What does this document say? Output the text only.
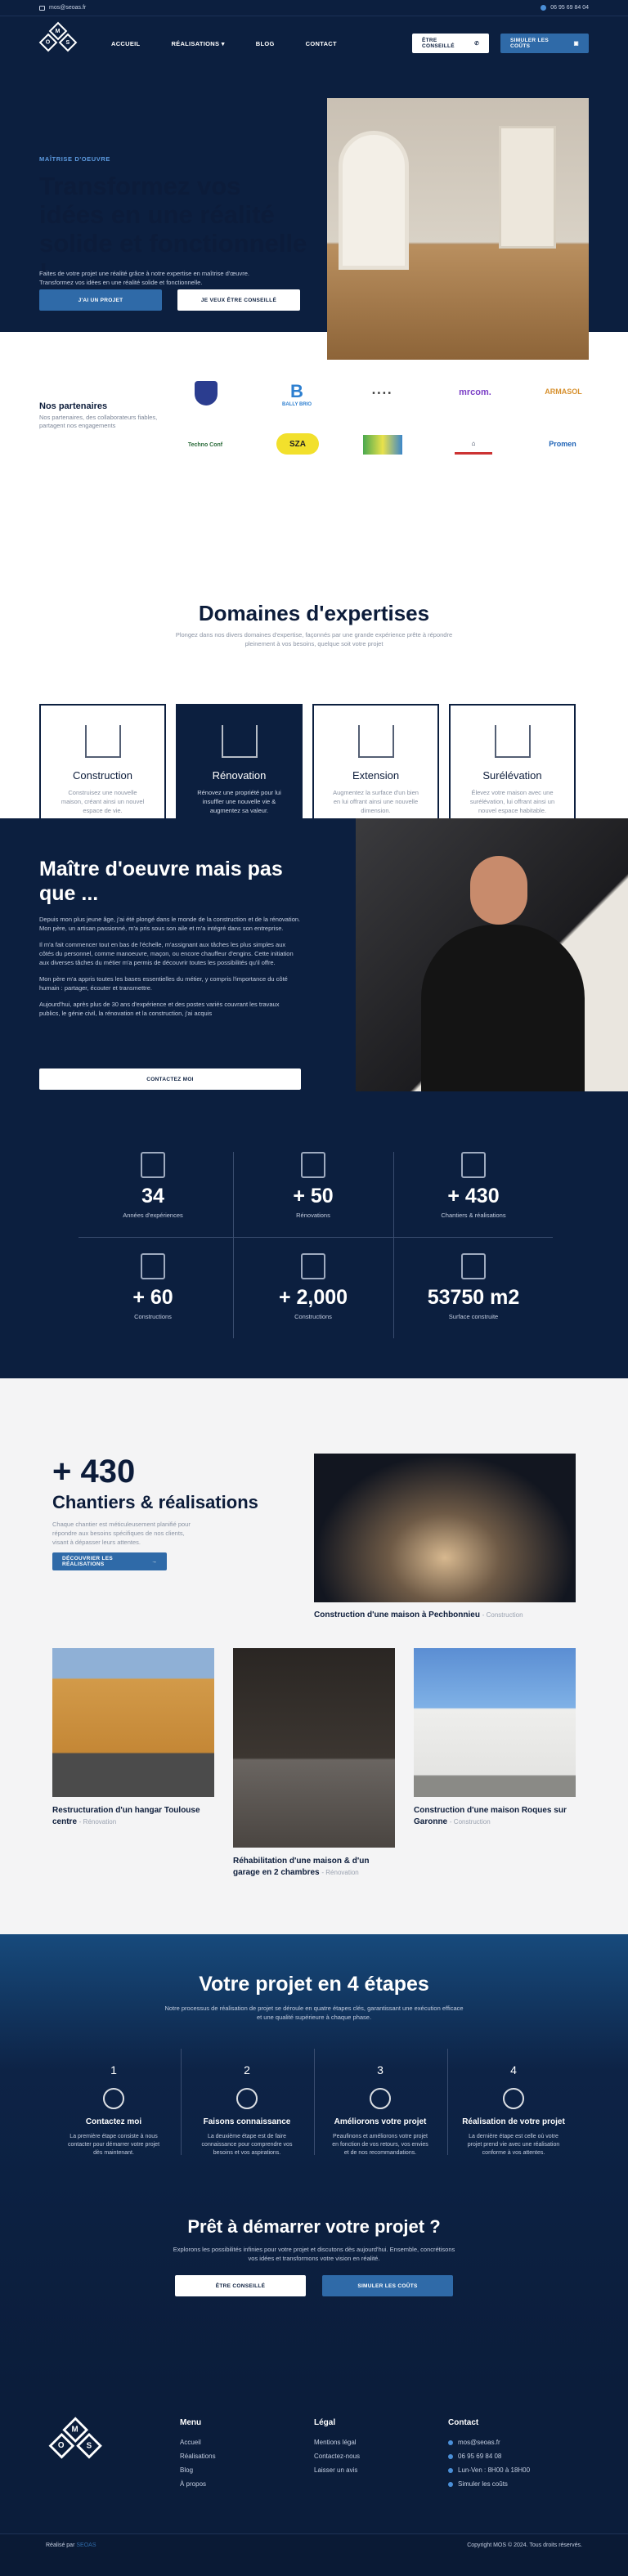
mos@seoas.fr	06 95 69 84 04
M
O	S	ACCUEIL	RÉALISATIONS ▾	BLOG	CONTACT	ÊTRE CONSEILLÉ	✆
SIMULER LES COÛTS	▣
MAÎTRISE D'OEUVRE
Transformez vos idées en une réalité solide et fonctionnelle !

Faites de votre projet une réalité grâce à notre expertise en maîtrise d'œuvre. Transformez vos idées en une réalité solide et fonctionnelle.

J'AI UN PROJET	JE VEUX ÊTRE CONSEILLÉ
Nos partenaires

Nos partenaires, des collaborateurs fiables, partagent nos engagements

B
BALLY BRIO
■ ■ ■ ■	mrcom.	ARMASOL
Techno Conf	SZA	⌂	Promen
Domaines d'expertises
Plongez dans nos divers domaines d'expertise, façonnés par une grande expérience prête à répondre pleinement à vos besoins, quelque soit votre projet
Construction

Construisez une nouvelle maison, créant ainsi un nouvel espace de vie.

Rénovation

Rénovez une propriété pour lui insuffler une nouvelle vie & augmentez sa valeur.

Extension

Augmentez la surface d'un bien en lui offrant ainsi une nouvelle dimension.

Surélévation

Élevez votre maison avec une surélévation, lui offrant ainsi un nouvel espace habitable.

Maître d'oeuvre mais pas que ...

Depuis mon plus jeune âge, j'ai été plongé dans le monde de la construction et de la rénovation. Mon père, un artisan passionné, m'a pris sous son aile et m'a intégré dans son entreprise.

Il m'a fait commencer tout en bas de l'échelle, m'assignant aux tâches les plus simples aux côtés du personnel, comme manoeuvre, maçon, ou encore chauffeur d'engins. Cette initiation aux diverses tâches du métier m'a permis de découvrir toutes les possibilités qu'il offre.

Mon père m'a appris toutes les bases essentielles du métier, y compris l'importance du côté humain : partager, écouter et transmettre.

Aujourd'hui, après plus de 30 ans d'expérience et des postes variés couvrant les travaux publics, le génie civil, la rénovation et la construction, j'ai acquis

CONTACTEZ MOI
34
Années d'expériences
+ 50
Rénovations
+ 430
Chantiers & réalisations
+ 60
Constructions
+ 2,000
Constructions
53750 m2
Surface construite
+ 430
Chantiers & réalisations
Chaque chantier est méticuleusement planifié pour répondre aux besoins spécifiques de nos clients, visant à dépasser leurs attentes.
DÉCOUVRIER LES RÉALISATIONS	→
Construction d'une maison à Pechbonnieu - Construction
Restructuration d'un hangar Toulouse centre - Rénovation
Réhabilitation d'une maison & d'un garage en 2 chambres - Rénovation
Construction d'une maison Roques sur Garonne - Construction
Votre projet en 4 étapes
Notre processus de réalisation de projet se déroule en quatre étapes clés, garantissant une exécution efficace et une qualité supérieure à chaque phase.
1
Contactez moi

La première étape consiste à nous contacter pour démarrer votre projet dès maintenant.

2
Faisons connaissance

La deuxième étape est de faire connaissance pour comprendre vos besoins et vos aspirations.

3
Améliorons votre projet

Peaufinons et améliorons votre projet en fonction de vos retours, vos envies et de nos recommandations.

4
Réalisation de votre projet

La dernière étape est celle où votre projet prend vie avec une réalisation conforme à vos attentes.

Prêt à démarrer votre projet ?
Explorons les possibilités infinies pour votre projet et discutons dès aujourd'hui. Ensemble, concrétisons vos idées et transformons votre vision en réalité.
ÊTRE CONSEILLÉ	SIMULER LES COÛTS
M
O	S
Menu
Accueil
Réalisations
Blog
À propos
Légal
Mentions légal
Contactez-nous
Laisser un avis
Contact
mos@seoas.fr
06 95 69 84 08
Lun-Ven : 8H00 à 18H00
Simuler les coûts
Réalisé par SEOAS	Copyright MOS © 2024. Tous droits réservés.
